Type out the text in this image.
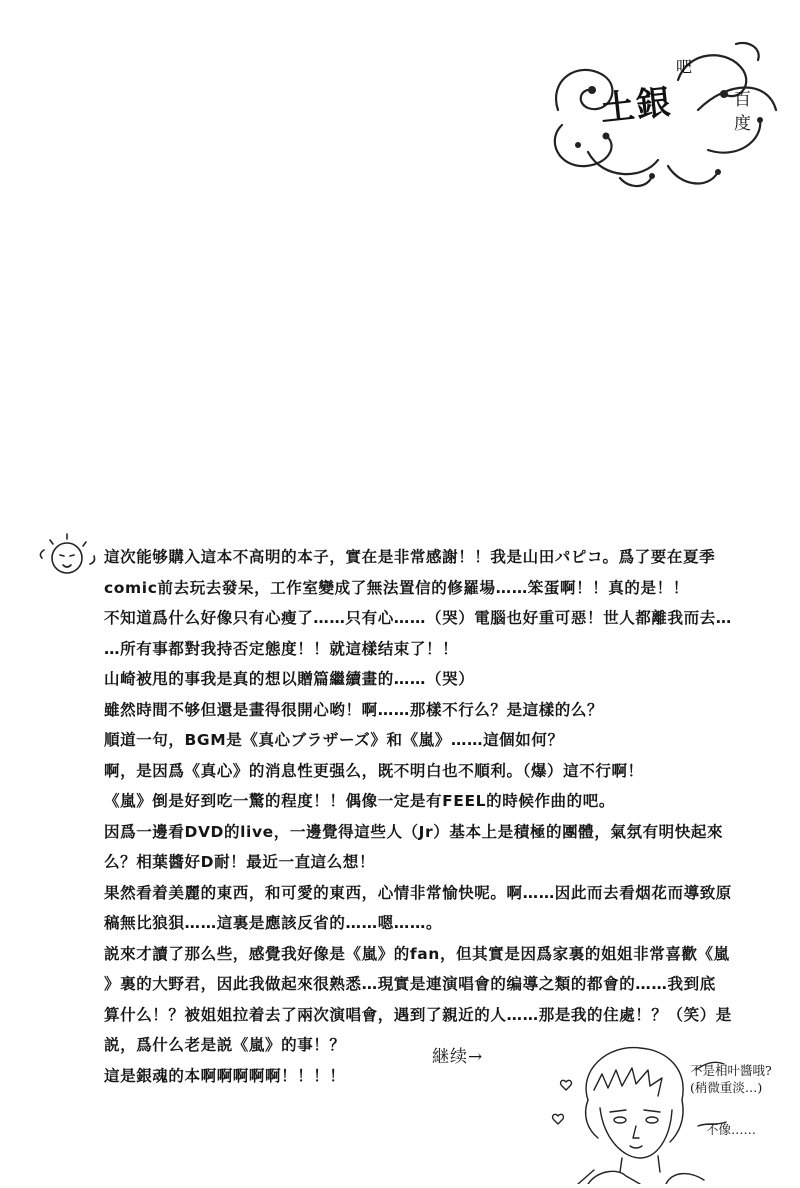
土銀
吧
百度
這次能够購入這本不高明的本子，實在是非常感謝！！我是山田パピコ。爲了要在夏季
comic前去玩去發呆，工作室變成了無法置信的修羅場……笨蛋啊！！真的是！！
不知道爲什么好像只有心瘦了……只有心……（哭）電腦也好重可惡！世人都離我而去…
…所有事都對我持否定態度！！就這樣结束了！！
山崎被甩的事我是真的想以贈篇繼續畫的……（哭）
雖然時間不够但還是畫得很開心哟！啊……那樣不行么？是這樣的么？
順道一句，BGM是《真心ブラザーズ》和《嵐》……這個如何？
啊，是因爲《真心》的消息性更强么，既不明白也不順利。（爆）這不行啊！
《嵐》倒是好到吃一驚的程度！！偶像一定是有FEEL的時候作曲的吧。
因爲一邊看DVD的live，一邊覺得這些人（Jr）基本上是積極的團體，氣氛有明快起來
么？相葉醬好D耐！最近一直這么想！
果然看着美麗的東西，和可愛的東西，心情非常愉快呢。啊……因此而去看烟花而導致原
稿無比狼狽……這裏是應該反省的……嗯……。
説來才讀了那么些，感覺我好像是《嵐》的fan，但其實是因爲家裏的姐姐非常喜歡《嵐
》裏的大野君，因此我做起來很熟悉…現實是連演唱會的编導之類的都會的……我到底
算什么！？被姐姐拉着去了兩次演唱會，遇到了親近的人……那是我的住處！？（笑）是
説，爲什么老是説《嵐》的事！？
這是銀魂的本啊啊啊啊啊！！！！
継续→
不是相叶醬哦?
(稍微重淡…)
不像……
